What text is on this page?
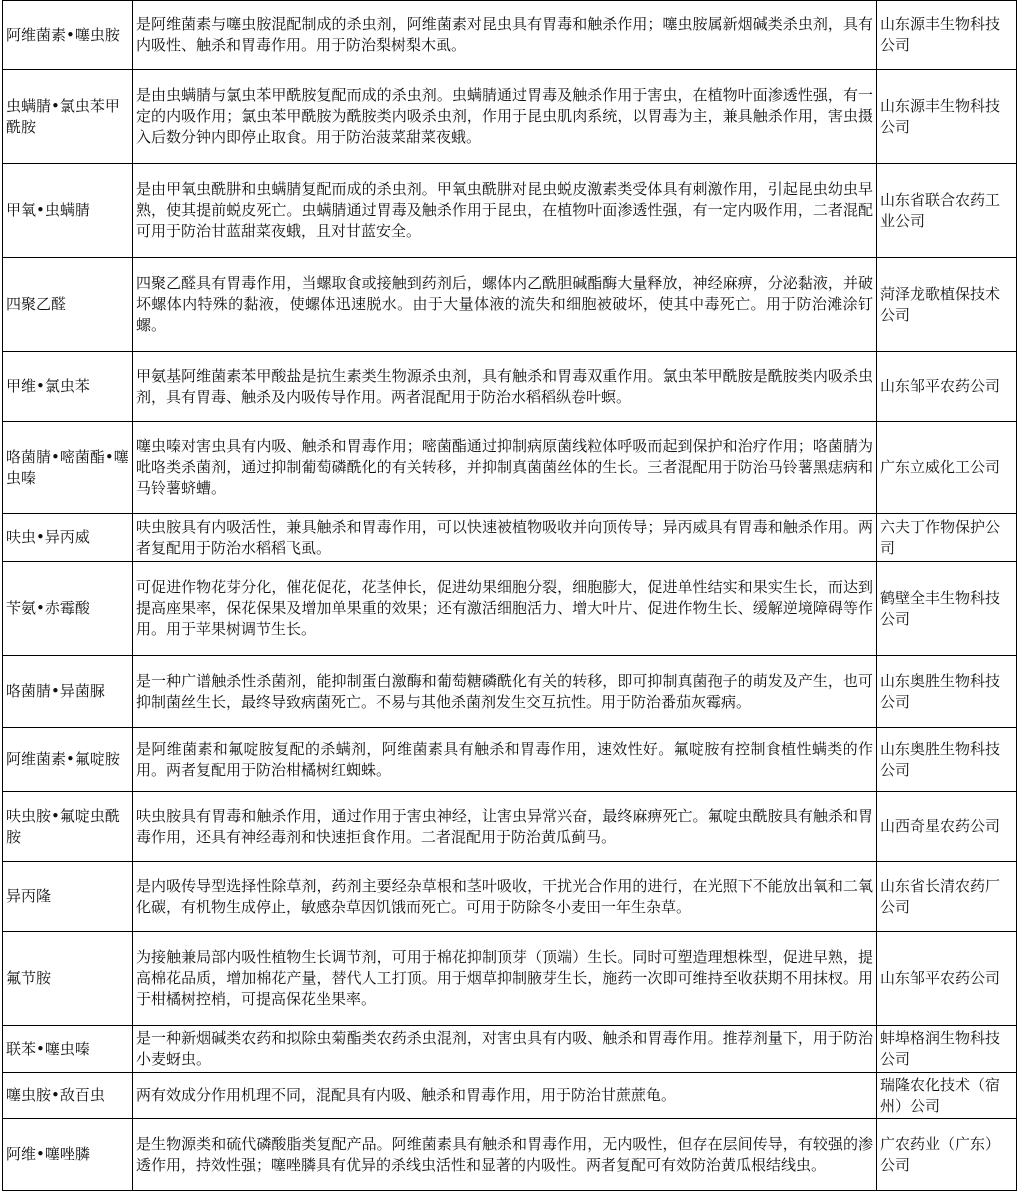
阿维菌素•噻虫胺	是阿维菌素与噻虫胺混配制成的杀虫剂，阿维菌素对昆虫具有胃毒和触杀作用；噻虫胺属新烟碱类杀虫剂，具有内吸性、触杀和胃毒作用。用于防治梨树梨木虱。	山东源丰生物科技公司
虫螨腈•氯虫苯甲酰胺	是由虫螨腈与氯虫苯甲酰胺复配而成的杀虫剂。虫螨腈通过胃毒及触杀作用于害虫，在植物叶面渗透性强，有一定的内吸作用；氯虫苯甲酰胺为酰胺类内吸杀虫剂，作用于昆虫肌肉系统，以胃毒为主，兼具触杀作用，害虫摄入后数分钟内即停止取食。用于防治菠菜甜菜夜蛾。	山东源丰生物科技公司
甲氧•虫螨腈	是由甲氧虫酰肼和虫螨腈复配而成的杀虫剂。甲氧虫酰肼对昆虫蜕皮激素类受体具有刺激作用，引起昆虫幼虫早熟，使其提前蜕皮死亡。虫螨腈通过胃毒及触杀作用于昆虫，在植物叶面渗透性强，有一定内吸作用，二者混配可用于防治甘蓝甜菜夜蛾，且对甘蓝安全。	山东省联合农药工业公司
四聚乙醛	四聚乙醛具有胃毒作用，当螺取食或接触到药剂后，螺体内乙酰胆碱酯酶大量释放，神经麻痹，分泌黏液，并破坏螺体内特殊的黏液，使螺体迅速脱水。由于大量体液的流失和细胞被破坏，使其中毒死亡。用于防治滩涂钉螺。	菏泽龙歌植保技术公司
甲维•氯虫苯	甲氨基阿维菌素苯甲酸盐是抗生素类生物源杀虫剂，具有触杀和胃毒双重作用。氯虫苯甲酰胺是酰胺类内吸杀虫剂，具有胃毒、触杀及内吸传导作用。两者混配用于防治水稻稻纵卷叶螟。	山东邹平农药公司
咯菌腈•嘧菌酯•噻虫嗪	噻虫嗪对害虫具有内吸、触杀和胃毒作用；嘧菌酯通过抑制病原菌线粒体呼吸而起到保护和治疗作用；咯菌腈为吡咯类杀菌剂，通过抑制葡萄磷酰化的有关转移，并抑制真菌菌丝体的生长。三者混配用于防治马铃薯黑痣病和马铃薯蛴螬。	广东立威化工公司
呋虫•异丙威	呋虫胺具有内吸活性，兼具触杀和胃毒作用，可以快速被植物吸收并向顶传导；异丙威具有胃毒和触杀作用。两者复配用于防治水稻稻飞虱。	六夫丁作物保护公司
苄氨•赤霉酸	可促进作物花芽分化，催花促花，花茎伸长，促进幼果细胞分裂，细胞膨大，促进单性结实和果实生长，而达到提高座果率，保花保果及增加单果重的效果；还有激活细胞活力、增大叶片、促进作物生长、缓解逆境障碍等作用。用于苹果树调节生长。	鹤壁全丰生物科技公司
咯菌腈•异菌脲	是一种广谱触杀性杀菌剂，能抑制蛋白激酶和葡萄糖磷酰化有关的转移，即可抑制真菌孢子的萌发及产生，也可抑制菌丝生长，最终导致病菌死亡。不易与其他杀菌剂发生交互抗性。用于防治番茄灰霉病。	山东奥胜生物科技公司
阿维菌素•氟啶胺	是阿维菌素和氟啶胺复配的杀螨剂，阿维菌素具有触杀和胃毒作用，速效性好。氟啶胺有控制食植性螨类的作用。两者复配用于防治柑橘树红蜘蛛。	山东奥胜生物科技公司
呋虫胺•氟啶虫酰胺	呋虫胺具有胃毒和触杀作用，通过作用于害虫神经，让害虫异常兴奋，最终麻痹死亡。氟啶虫酰胺具有触杀和胃毒作用，还具有神经毒剂和快速拒食作用。二者混配用于防治黄瓜蓟马。	山西奇星农药公司
异丙隆	是内吸传导型选择性除草剂，药剂主要经杂草根和茎叶吸收，干扰光合作用的进行，在光照下不能放出氧和二氧化碳，有机物生成停止，敏感杂草因饥饿而死亡。可用于防除冬小麦田一年生杂草。	山东省长清农药厂公司
氟节胺	为接触兼局部内吸性植物生长调节剂，可用于棉花抑制顶芽（顶端）生长。同时可塑造理想株型，促进早熟，提高棉花品质，增加棉花产量，替代人工打顶。用于烟草抑制腋芽生长，施药一次即可维持至收获期不用抹杈。用于柑橘树控梢，可提高保花坐果率。	山东邹平农药公司
联苯•噻虫嗪	是一种新烟碱类农药和拟除虫菊酯类农药杀虫混剂，对害虫具有内吸、触杀和胃毒作用。推荐剂量下，用于防治小麦蚜虫。	蚌埠格润生物科技公司
噻虫胺•敌百虫	两有效成分作用机理不同，混配具有内吸、触杀和胃毒作用，用于防治甘蔗蔗龟。	瑞隆农化技术（宿州）公司
阿维•噻唑膦	是生物源类和硫代磷酸脂类复配产品。阿维菌素具有触杀和胃毒作用，无内吸性，但存在层间传导，有较强的渗透作用，持效性强；噻唑膦具有优异的杀线虫活性和显著的内吸性。两者复配可有效防治黄瓜根结线虫。	广农药业（广东）公司
